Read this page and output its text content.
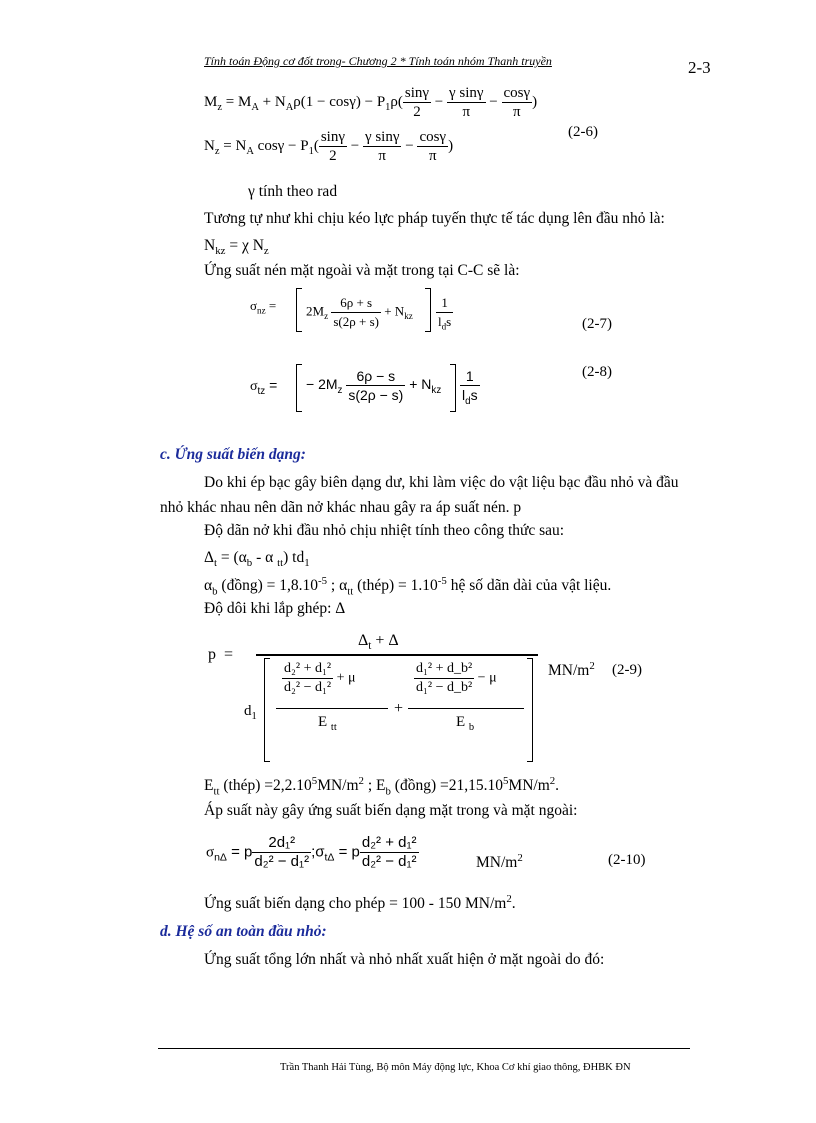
Tính toán Động cơ đốt trong- Chương 2 * Tính toán nhóm Thanh truyền	2-3
$M_z = M_A + N_A\rho(1 - \cos\gamma) - P_1\rho( \frac{\sin\gamma}{2} - \frac{\text{γ sinγ}}{\pi} - \frac{\cos\gamma}{\pi}$ )
$N_z = N_A$ $\cos\gamma - P_1( \frac{\sin\gamma}{2} - \frac{\text{γ sinγ}}{\pi} - \frac{\cos\gamma}{\pi}$ )
(2-6)
γ tính theo rad
Tương tự như khi chịu kéo lực pháp tuyến thực tế tác dụng lên đầu nhỏ là:
$N_{kz} = \chi$ $N_z$
Ứng suất nén mặt ngoài và mặt trong tại C-C sẽ là:
$\sigma_{nz} = 2M_z \frac{6\rho + s}{s(2\rho + s)} + N_{kz} \frac{1}{l_ds}$	(2-7)
$\sigma_{tz}$ = − $2M_z \frac{6\rho - s}{s(2\rho - s)} + N_{kz} \frac{1}{l_ds}$	(2-8)
c. Ứng suất biến dạng:
Do khi ép bạc gây biên dạng dư, khi làm việc do vật liệu bạc đầu nhỏ và đầu
nhỏ khác nhau nên dãn nở khác nhau gây ra áp suất nén. p
Độ dãn nở khi đầu nhỏ chịu nhiệt tính theo công thức sau:
$\Delta_t = (\alpha_b - \alpha$ $_{tt}$) $td_1$
$\alpha_b$ (đồng) = $1,8.10^{-5}$ ; $\alpha_{tt}$ (thép) = $1.10^{-5}$ hệ số dãn dài của vật liệu.
Độ dôi khi lắp ghép: Δ
p =
$\Delta_t + \Delta$
$d_1$
$\frac{\text{d₂² + d₁²}}{\text{d₂² − d₁²}} + \mu$
E $_{tt}$
+
$\frac{\text{d₁² + d\_b²}}{\text{d₁² − d\_b²}} - \mu$
E $_b$
$MN/m^2$ (2-9)
$E_{tt}$ (thép) $=2,2.10^5MN/m^2$ ; $E_b$ (đồng) $=21,15.10^5MN/m^2$.
Áp suất này gây ứng suất biến dạng mặt trong và mặt ngoài:
$\sigma_{n\Delta} = p \frac{\text{2d₁²}}{\text{d₂² − d₁²}}$ $;\sigma_{t\Delta} = p \frac{\text{d₂² + d₁²}}{\text{d₂² − d₁²}}$	$MN/m^2$	(2-10)
Ứng suất biến dạng cho phép = 100 - 150 $MN/m^2$.
d. Hệ số an toàn đầu nhỏ:
Ứng suất tổng lớn nhất và nhỏ nhất xuất hiện ở mặt ngoài do đó:
Trần Thanh Hải Tùng, Bộ môn Máy động lực, Khoa Cơ khí giao thông, ĐHBK ĐN
